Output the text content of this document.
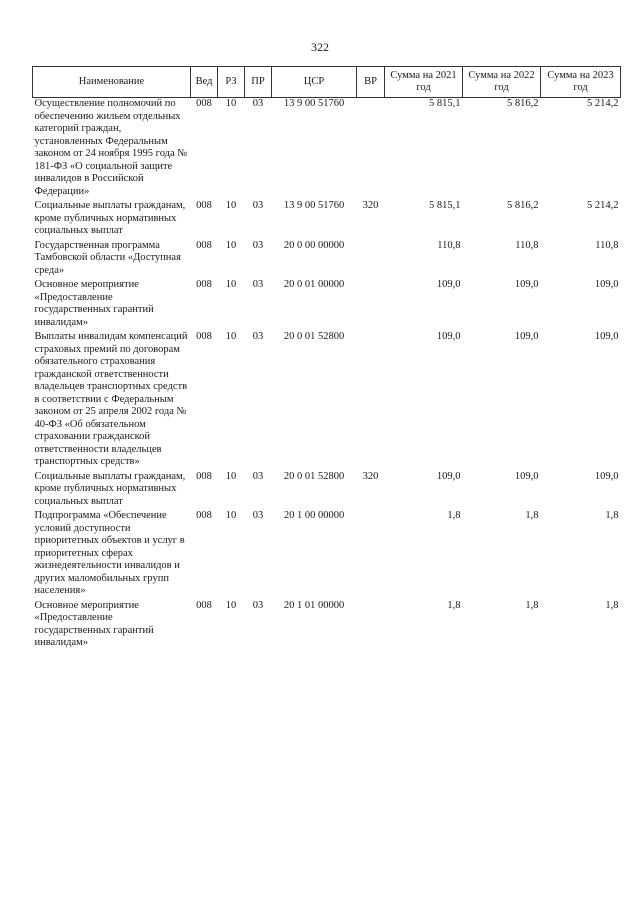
322
Наименование	Вед	РЗ	ПР	ЦСР	ВР	Сумма на 2021 год	Сумма на 2022 год	Сумма на 2023 год
Осуществление полномочий по обеспечению жильем отдельных категорий граждан, установленных Федеральным законом от 24 ноября 1995 года № 181-ФЗ «О социальной защите инвалидов в Российской Федерации»	008	10	03	13 9 00 51760		5 815,1	5 816,2	5 214,2
Социальные выплаты гражданам, кроме публичных нормативных социальных выплат	008	10	03	13 9 00 51760	320	5 815,1	5 816,2	5 214,2
Государственная программа Тамбовской области «Доступная среда»	008	10	03	20 0 00 00000		110,8	110,8	110,8
Основное мероприятие «Предоставление государственных гарантий инвалидам»	008	10	03	20 0 01 00000		109,0	109,0	109,0
Выплаты инвалидам компенсаций страховых премий по договорам обязательного страхования гражданской ответственности владельцев транспортных средств в соответствии с Федеральным законом от 25 апреля 2002 года № 40-ФЗ «Об обязательном страховании гражданской ответственности владельцев транспортных средств»	008	10	03	20 0 01 52800		109,0	109,0	109,0
Социальные выплаты гражданам, кроме публичных нормативных социальных выплат	008	10	03	20 0 01 52800	320	109,0	109,0	109,0
Подпрограмма «Обеспечение условий доступности приоритетных объектов и услуг в приоритетных сферах жизнедеятельности инвалидов и других маломобильных групп населения»	008	10	03	20 1 00 00000		1,8	1,8	1,8
Основное мероприятие «Предоставление государственных гарантий инвалидам»	008	10	03	20 1 01 00000		1,8	1,8	1,8
